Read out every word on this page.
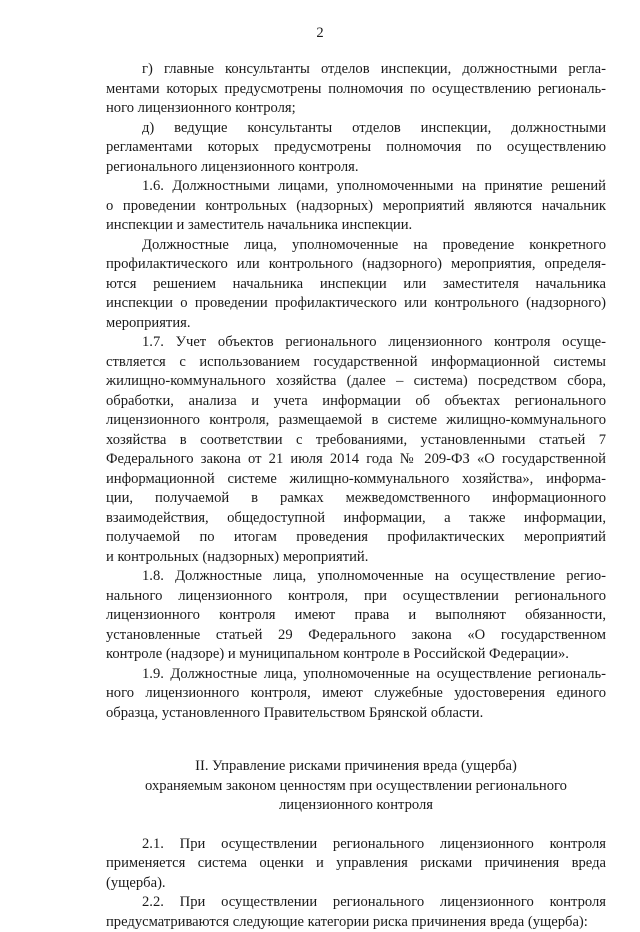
2
г) главные консультанты отделов инспекции, должностными регла-
ментами которых предусмотрены полномочия по осуществлению региональ-
ного лицензионного контроля;
д) ведущие консультанты отделов инспекции, должностными
регламентами которых предусмотрены полномочия по осуществлению
регионального лицензионного контроля.
1.6. Должностными лицами, уполномоченными на принятие решений
о проведении контрольных (надзорных) мероприятий являются начальник
инспекции и заместитель начальника инспекции.
Должностные лица, уполномоченные на проведение конкретного
профилактического или контрольного (надзорного) мероприятия, определя-
ются решением начальника инспекции или заместителя начальника
инспекции о проведении профилактического или контрольного (надзорного)
мероприятия.
1.7. Учет объектов регионального лицензионного контроля осуще-
ствляется с использованием государственной информационной системы
жилищно-коммунального хозяйства (далее – система) посредством сбора,
обработки, анализа и учета информации об объектах регионального
лицензионного контроля, размещаемой в системе жилищно-коммунального
хозяйства в соответствии с требованиями, установленными статьей 7
Федерального закона от 21 июля 2014 года № 209-ФЗ «О государственной
информационной системе жилищно-коммунального хозяйства», информа-
ции, получаемой в рамках межведомственного информационного
взаимодействия, общедоступной информации, а также информации,
получаемой по итогам проведения профилактических мероприятий
и контрольных (надзорных) мероприятий.
1.8. Должностные лица, уполномоченные на осуществление регио-
нального лицензионного контроля, при осуществлении регионального
лицензионного контроля имеют права и выполняют обязанности,
установленные статьей 29 Федерального закона «О государственном
контроле (надзоре) и муниципальном контроле в Российской Федерации».
1.9. Должностные лица, уполномоченные на осуществление региональ-
ного лицензионного контроля, имеют служебные удостоверения единого
образца, установленного Правительством Брянской области.
II. Управление рисками причинения вреда (ущерба)
охраняемым законом ценностям при осуществлении регионального
лицензионного контроля
2.1. При осуществлении регионального лицензионного контроля
применяется система оценки и управления рисками причинения вреда
(ущерба).
2.2. При осуществлении регионального лицензионного контроля
предусматриваются следующие категории риска причинения вреда (ущерба):
